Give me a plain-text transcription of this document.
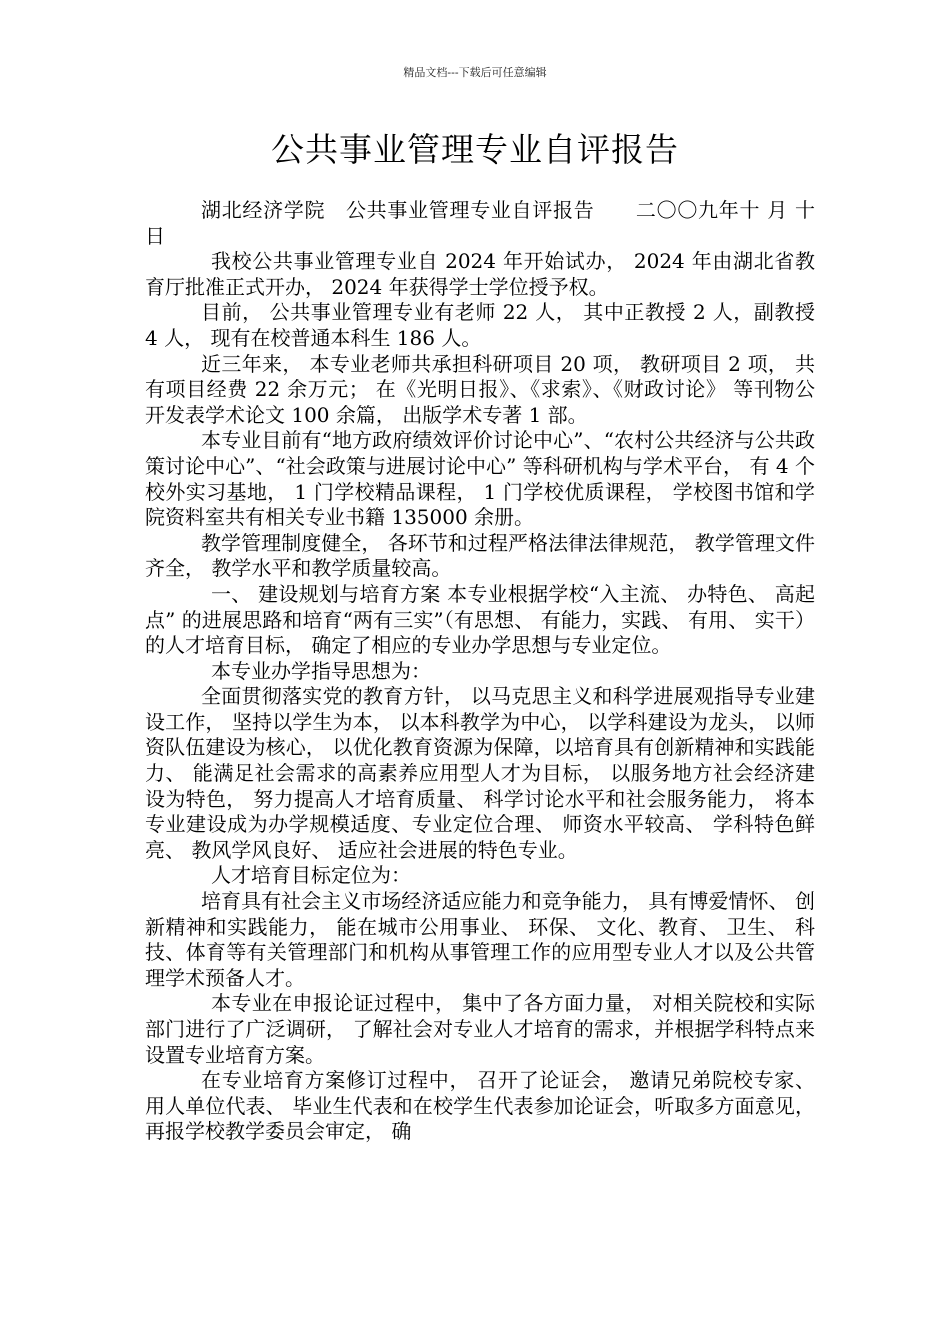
精品文档---下载后可任意编辑
公共事业管理专业自评报告

湖北经济学院　公共事业管理专业自评报告　　二〇〇九年十 月 十 日

我校公共事业管理专业自 2024 年开始试办， 2024 年由湖北省教育厅批准正式开办， 2024 年获得学士学位授予权。

目前， 公共事业管理专业有老师 22 人， 其中正教授 2 人，副教授 4 人， 现有在校普通本科生 186 人。

近三年来， 本专业老师共承担科研项目 20 项， 教研项目 2 项， 共有项目经费 22 余万元； 在《光明日报》、《求索》、《财政讨论》 等刊物公开发表学术论文 100 余篇， 出版学术专著 1 部。

本专业目前有“地方政府绩效评价讨论中心”、“农村公共经济与公共政策讨论中心”、“社会政策与进展讨论中心” 等科研机构与学术平台， 有 4 个校外实习基地， 1 门学校精品课程， 1 门学校优质课程， 学校图书馆和学院资料室共有相关专业书籍 135000 余册。

教学管理制度健全， 各环节和过程严格法律法律规范， 教学管理文件齐全， 教学水平和教学质量较高。

一、 建设规划与培育方案 本专业根据学校“入主流、 办特色、 高起点” 的进展思路和培育“两有三实”（有思想、 有能力，实践、 有用、 实干） 的人才培育目标， 确定了相应的专业办学思想与专业定位。

本专业办学指导思想为：

全面贯彻落实党的教育方针， 以马克思主义和科学进展观指导专业建设工作， 坚持以学生为本， 以本科教学为中心， 以学科建设为龙头， 以师资队伍建设为核心， 以优化教育资源为保障，以培育具有创新精神和实践能力、 能满足社会需求的高素养应用型人才为目标， 以服务地方社会经济建设为特色， 努力提高人才培育质量、 科学讨论水平和社会服务能力， 将本专业建设成为办学规模适度、专业定位合理、 师资水平较高、 学科特色鲜亮、 教风学风良好、 适应社会进展的特色专业。

人才培育目标定位为：

培育具有社会主义市场经济适应能力和竞争能力， 具有博爱情怀、 创新精神和实践能力， 能在城市公用事业、 环保、 文化、教育、 卫生、 科技、体育等有关管理部门和机构从事管理工作的应用型专业人才以及公共管理学术预备人才。

本专业在申报论证过程中， 集中了各方面力量， 对相关院校和实际部门进行了广泛调研， 了解社会对专业人才培育的需求，并根据学科特点来设置专业培育方案。

在专业培育方案修订过程中， 召开了论证会， 邀请兄弟院校专家、 用人单位代表、 毕业生代表和在校学生代表参加论证会，听取多方面意见， 再报学校教学委员会审定， 确
